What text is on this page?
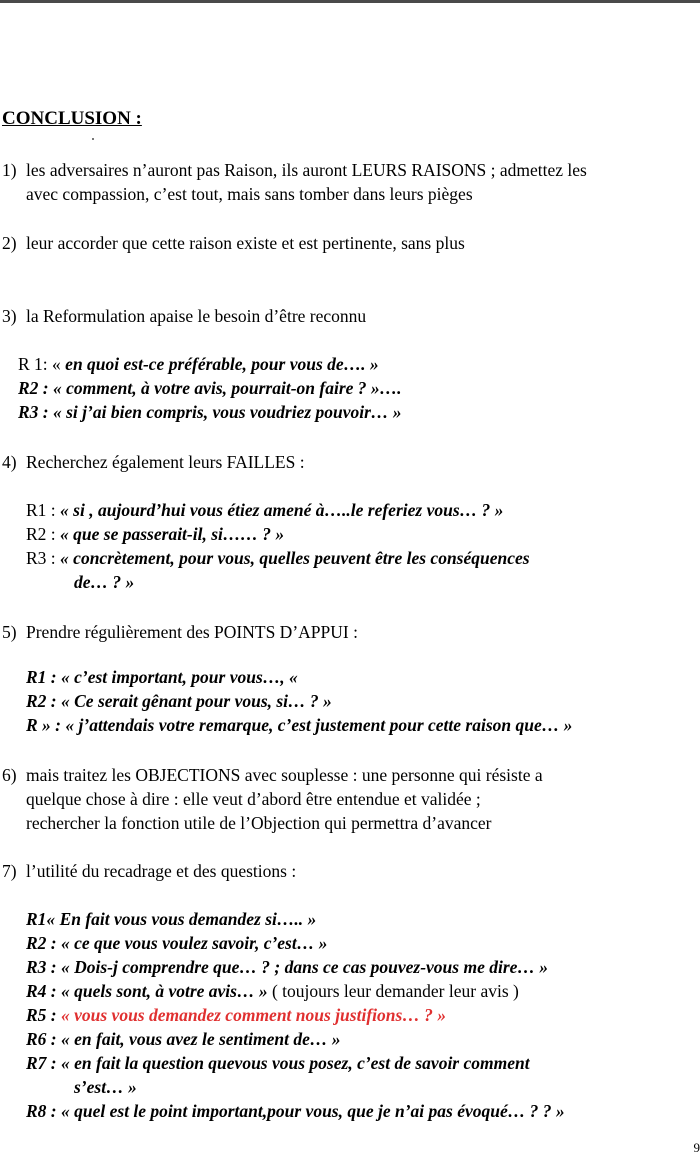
CONCLUSION :
1) les adversaires n’auront pas Raison, ils auront LEURS RAISONS ; admettez les
avec compassion, c’est tout, mais sans tomber dans leurs pièges
2) leur accorder que cette raison existe et est pertinente, sans plus
3) la Reformulation apaise le besoin d’être reconnu
R 1: « en quoi est-ce préférable, pour vous de…. »
R2 : « comment, à votre avis, pourrait-on faire ? »….
R3 : « si j’ai bien compris, vous voudriez pouvoir… »
4) Recherchez également leurs FAILLES :
R1 : « si , aujourd’hui vous étiez amené à…..le referiez vous… ? »
R2 : « que se passerait-il, si…… ? »
R3 : « concrètement, pour vous, quelles peuvent être les conséquences
de… ? »
5) Prendre régulièrement des POINTS D’APPUI :
R1 : « c’est important, pour vous…, «
R2 : « Ce serait gênant pour vous, si… ? »
R » : « j’attendais votre remarque, c’est justement pour cette raison que… »
6) mais traitez les OBJECTIONS avec souplesse : une personne qui résiste a
quelque chose à dire : elle veut d’abord être entendue et validée ;
rechercher la fonction utile de l’Objection qui permettra d’avancer
7) l’utilité du recadrage et des questions :
R1« En fait vous vous demandez si….. »
R2 : « ce que vous voulez savoir, c’est… »
R3 : « Dois-j comprendre que… ? ; dans ce cas pouvez-vous me dire… »
R4 : « quels sont, à votre avis… » ( toujours leur demander leur avis )
R5 : « vous vous demandez comment nous justifions… ? »
R6 : « en fait, vous avez le sentiment de… »
R7 : « en fait la question quevous vous posez, c’est de savoir comment
s’est… »
R8 : « quel est le point important,pour vous, que je n’ai pas évoqué… ? ? »
9
